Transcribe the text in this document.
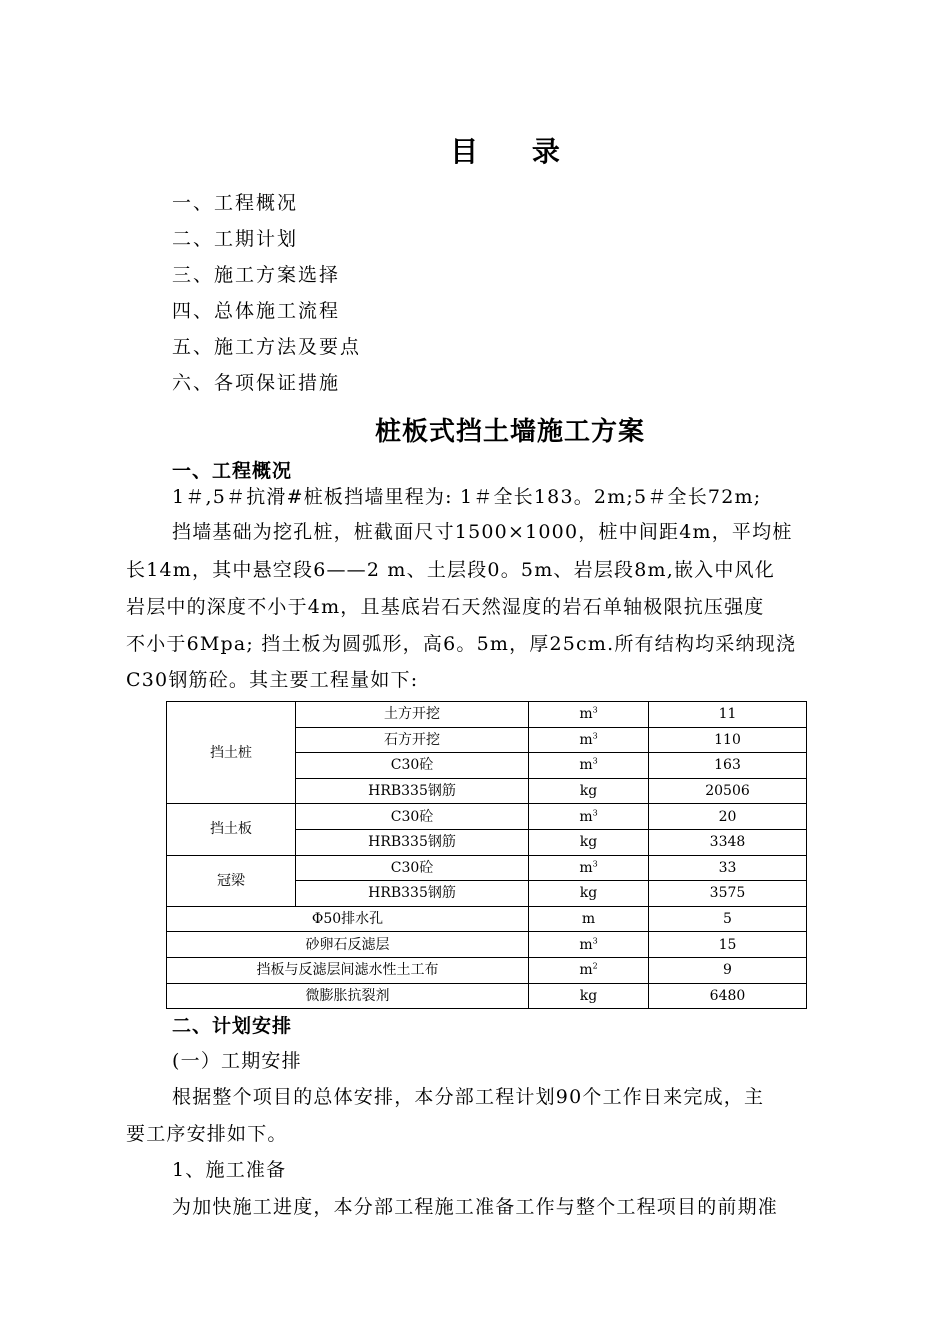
目 录
一、工程概况
二、工期计划
三、施工方案选择
四、总体施工流程
五、施工方法及要点
六、各项保证措施
桩板式挡土墙施工方案
一、工程概况
1＃,5＃抗滑#桩板挡墙里程为: 1＃全长183。2m;5＃全长72m;
挡墙基础为挖孔桩，桩截面尺寸1500×1000，桩中间距4m，平均桩
长14m，其中悬空段6——2 m、土层段0。5m、岩层段8m,嵌入中风化
岩层中的深度不小于4m，且基底岩石天然湿度的岩石单轴极限抗压强度
不小于6Mpa; 挡土板为圆弧形，高6。5m，厚25cm.所有结构均采纳现浇
C30钢筋砼。其主要工程量如下:
挡土桩	土方开挖	$m^3$	11
	石方开挖	$m^3$	110
	C30砼	$m^3$	163
	HRB335钢筋	kg	20506
挡土板	C30砼	$m^3$	20
	HRB335钢筋	kg	3348
冠梁	C30砼	$m^3$	33
	HRB335钢筋	kg	3575
Φ50排水孔		m	5
砂卵石反滤层		$m^3$	15
挡板与反滤层间滤水性土工布		$m^2$	9
微膨胀抗裂剂		kg	6480
二、计划安排
(一）工期安排
根据整个项目的总体安排，本分部工程计划90个工作日来完成，主
要工序安排如下。
1、施工准备
为加快施工进度，本分部工程施工准备工作与整个工程项目的前期准
